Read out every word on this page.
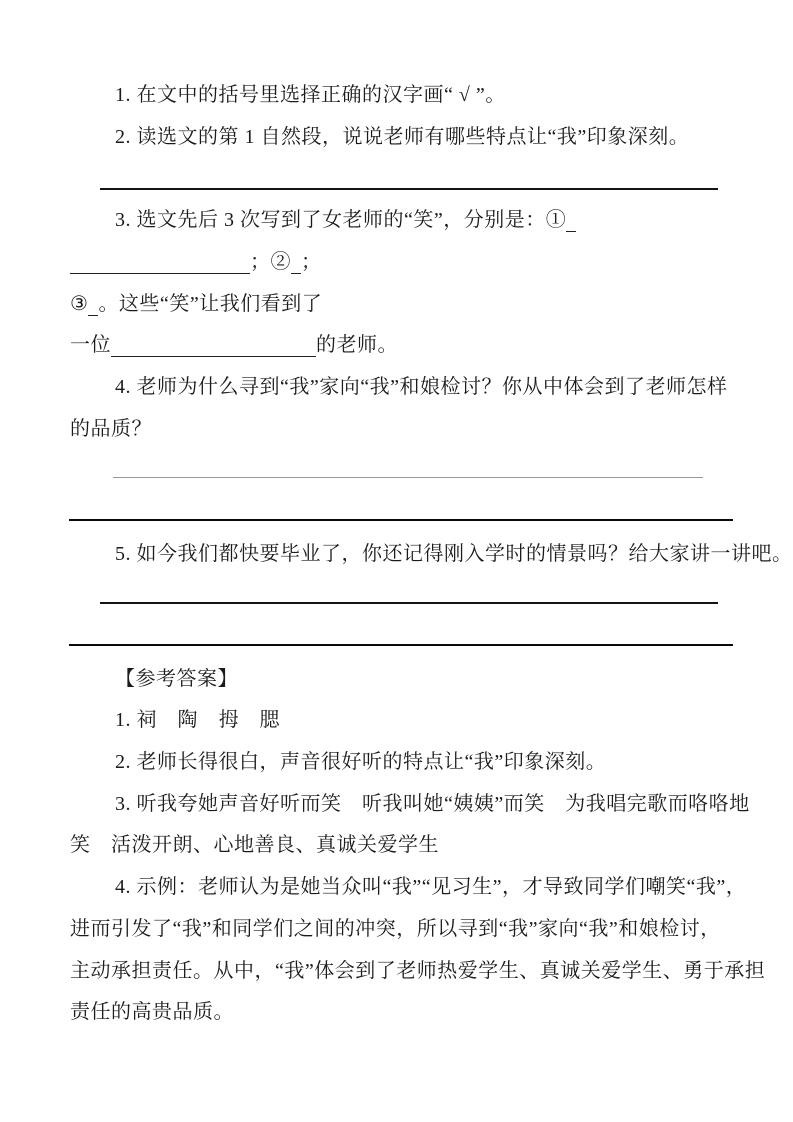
1. 在文中的括号里选择正确的汉字画“ √ ”。
2. 读选文的第 1 自然段，说说老师有哪些特点让“我”印象深刻。
3. 选文先后 3 次写到了女老师的“笑”，分别是：①
；② ；
③ 。这些“笑”让我们看到了
一位	的老师。
4. 老师为什么寻到“我”家向“我”和娘检讨？你从中体会到了老师怎样
的品质？
5. 如今我们都快要毕业了，你还记得刚入学时的情景吗？给大家讲一讲吧。
【参考答案】
1. 祠　陶　拇　腮
2. 老师长得很白，声音很好听的特点让“我”印象深刻。
3. 听我夸她声音好听而笑　听我叫她“姨姨”而笑　为我唱完歌而咯咯地
笑　活泼开朗、心地善良、真诚关爱学生
4. 示例：老师认为是她当众叫“我”“见习生”，才导致同学们嘲笑“我”，
进而引发了“我”和同学们之间的冲突，所以寻到“我”家向“我”和娘检讨，
主动承担责任。从中，“我”体会到了老师热爱学生、真诚关爱学生、勇于承担
责任的高贵品质。
